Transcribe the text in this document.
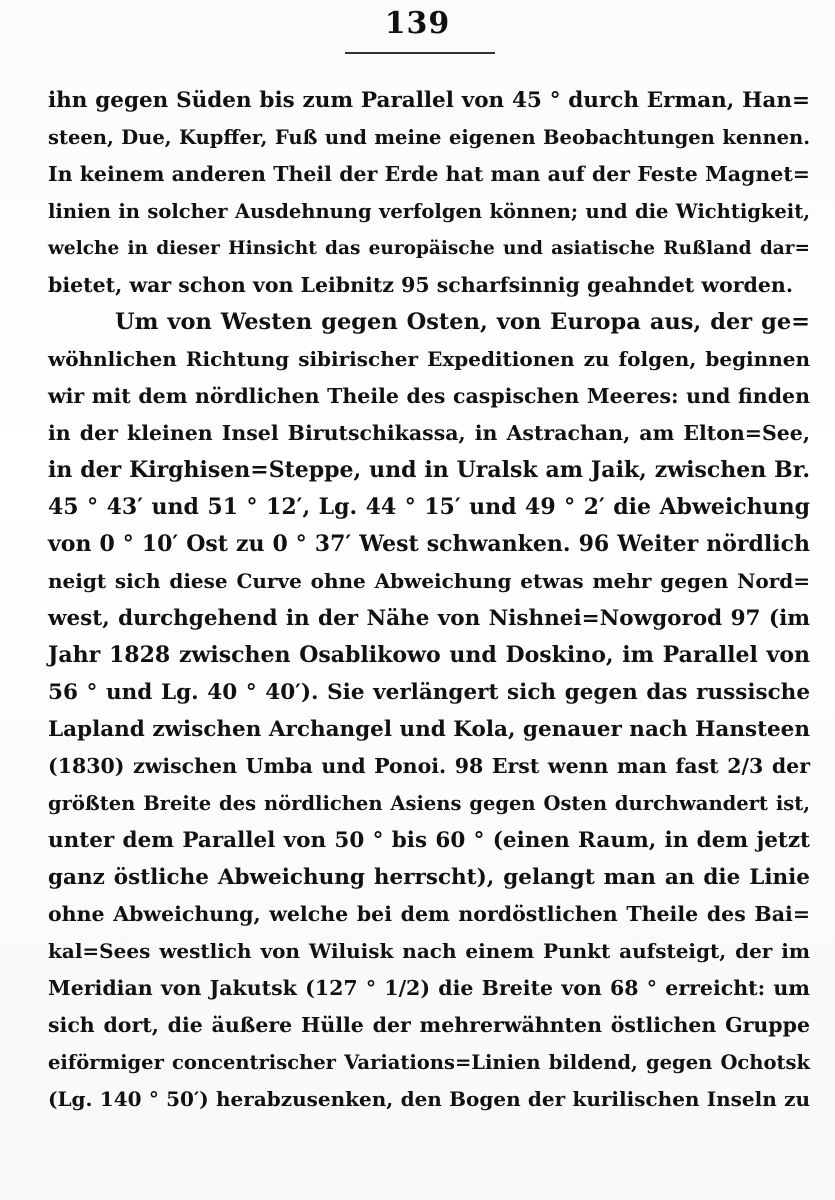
139
ihn gegen Süden bis zum Parallel von 45 ° durch Erman, Han=
steen, Due, Kupffer, Fuß und meine eigenen Beobachtungen kennen.
In keinem anderen Theil der Erde hat man auf der Feste Magnet=
linien in solcher Ausdehnung verfolgen können; und die Wichtigkeit,
welche in dieser Hinsicht das europäische und asiatische Rußland dar=
bietet, war schon von Leibnitz 95 scharfsinnig geahndet worden.
Um von Westen gegen Osten, von Europa aus, der ge=
wöhnlichen Richtung sibirischer Expeditionen zu folgen, beginnen
wir mit dem nördlichen Theile des caspischen Meeres: und finden
in der kleinen Insel Birutschikassa, in Astrachan, am Elton=See,
in der Kirghisen=Steppe, und in Uralsk am Jaik, zwischen Br.
45 ° 43′ und 51 ° 12′, Lg. 44 ° 15′ und 49 ° 2′ die Abweichung
von 0 ° 10′ Ost zu 0 ° 37′ West schwanken. 96 Weiter nördlich
neigt sich diese Curve ohne Abweichung etwas mehr gegen Nord=
west, durchgehend in der Nähe von Nishnei=Nowgorod 97 (im
Jahr 1828 zwischen Osablikowo und Doskino, im Parallel von
56 ° und Lg. 40 ° 40′). Sie verlängert sich gegen das russische
Lapland zwischen Archangel und Kola, genauer nach Hansteen
(1830) zwischen Umba und Ponoi. 98 Erst wenn man fast 2/3 der
größten Breite des nördlichen Asiens gegen Osten durchwandert ist,
unter dem Parallel von 50 ° bis 60 ° (einen Raum, in dem jetzt
ganz östliche Abweichung herrscht), gelangt man an die Linie
ohne Abweichung, welche bei dem nordöstlichen Theile des Bai=
kal=Sees westlich von Wiluisk nach einem Punkt aufsteigt, der im
Meridian von Jakutsk (127 ° 1/2) die Breite von 68 ° erreicht: um
sich dort, die äußere Hülle der mehrerwähnten östlichen Gruppe
eiförmiger concentrischer Variations=Linien bildend, gegen Ochotsk
(Lg. 140 ° 50′) herabzusenken, den Bogen der kurilischen Inseln zu
